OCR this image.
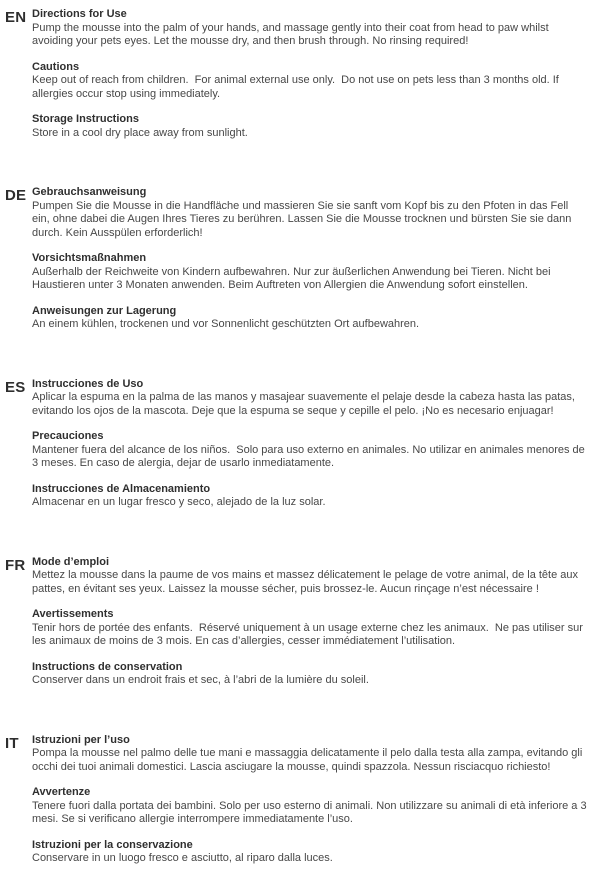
EN Directions for Use
Pump the mousse into the palm of your hands, and massage gently into their coat from head to paw whilst avoiding your pets eyes. Let the mousse dry, and then brush through. No rinsing required!
Cautions
Keep out of reach from children.  For animal external use only.  Do not use on pets less than 3 months old. If allergies occur stop using immediately.
Storage Instructions
Store in a cool dry place away from sunlight.
DE Gebrauchsanweisung
Pumpen Sie die Mousse in die Handfläche und massieren Sie sie sanft vom Kopf bis zu den Pfoten in das Fell ein, ohne dabei die Augen Ihres Tieres zu berühren. Lassen Sie die Mousse trocknen und bürsten Sie sie dann durch. Kein Ausspülen erforderlich!
Vorsichtsmaßnahmen
Außerhalb der Reichweite von Kindern aufbewahren. Nur zur äußerlichen Anwendung bei Tieren. Nicht bei Haustieren unter 3 Monaten anwenden. Beim Auftreten von Allergien die Anwendung sofort einstellen.
Anweisungen zur Lagerung
An einem kühlen, trockenen und vor Sonnenlicht geschützten Ort aufbewahren.
ES Instrucciones de Uso
Aplicar la espuma en la palma de las manos y masajear suavemente el pelaje desde la cabeza hasta las patas, evitando los ojos de la mascota. Deje que la espuma se seque y cepille el pelo. ¡No es necesario enjuagar!
Precauciones
Mantener fuera del alcance de los niños.  Solo para uso externo en animales. No utilizar en animales menores de 3 meses. En caso de alergia, dejar de usarlo inmediatamente.
Instrucciones de Almacenamiento
Almacenar en un lugar fresco y seco, alejado de la luz solar.
FR Mode d’emploi
Mettez la mousse dans la paume de vos mains et massez délicatement le pelage de votre animal, de la tête aux pattes, en évitant ses yeux. Laissez la mousse sécher, puis brossez-le. Aucun rinçage n’est nécessaire !
Avertissements
Tenir hors de portée des enfants.  Réservé uniquement à un usage externe chez les animaux.  Ne pas utiliser sur les animaux de moins de 3 mois. En cas d’allergies, cesser immédiatement l’utilisation.
Instructions de conservation
Conserver dans un endroit frais et sec, à l’abri de la lumière du soleil.
IT	Istruzioni per l’uso
Pompa la mousse nel palmo delle tue mani e massaggia delicatamente il pelo dalla testa alla zampa, evitando gli occhi dei tuoi animali domestici. Lascia asciugare la mousse, quindi spazzola. Nessun risciacquo richiesto!
Avvertenze
Tenere fuori dalla portata dei bambini. Solo per uso esterno di animali. Non utilizzare su animali di età inferiore a 3 mesi. Se si verificano allergie interrompere immediatamente l’uso.
Istruzioni per la conservazione
Conservare in un luogo fresco e asciutto, al riparo dalla luces.
